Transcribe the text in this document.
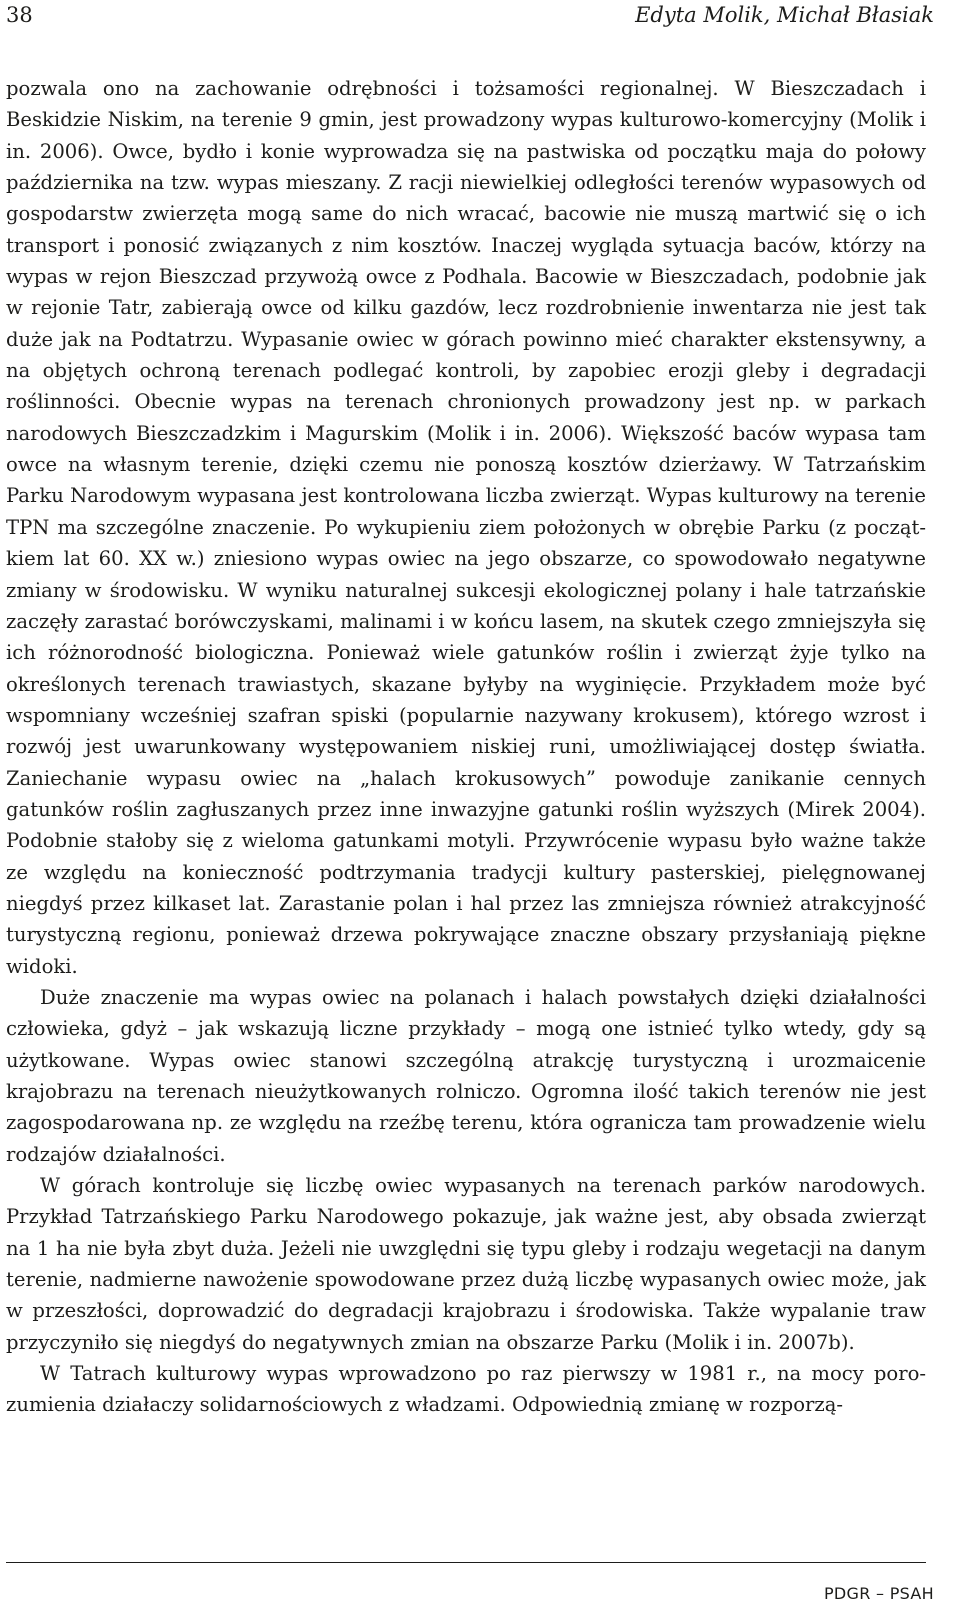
38	Edyta Molik, Michał Błasiak

pozwala ono na zachowanie odrębności i tożsamości regionalnej. W Bieszczadach i Beskidzie Niskim, na terenie 9 gmin, jest prowadzony wypas kulturowo-komercyjny (Molik i in. 2006). Owce, bydło i konie wyprowadza się na pastwiska od początku maja do połowy października na tzw. wypas mieszany. Z racji niewielkiej odległości terenów wypasowych od gospodarstw zwierzęta mogą same do nich wracać, bacowie nie muszą martwić się o ich transport i ponosić związanych z nim kosztów. Inaczej wygląda sytuacja baców, którzy na wypas w rejon Bieszczad przywożą owce z Podhala. Bacowie w Bieszczadach, podobnie jak w rejonie Tatr, zabierają owce od kilku gazdów, lecz rozdrobnienie inwentarza nie jest tak duże jak na Podtatrzu. Wypasanie owiec w górach powinno mieć charakter ekstensywny, a na objętych ochroną terenach podlegać kontroli, by zapobiec erozji gleby i degradacji roślinności. Obecnie wypas na terenach chronionych prowadzony jest np. w parkach narodowych Bieszczadzkim i Magurskim (Molik i in. 2006). Większość baców wypasa tam owce na własnym terenie, dzięki czemu nie ponoszą kosztów dzierżawy. W Tatrzańskim Parku Narodowym wypasana jest kontrolowana liczba zwierząt. Wypas kulturowy na terenie TPN ma szczególne znaczenie. Po wykupieniu ziem położonych w obrębie Parku (z początkiem lat 60. XX w.) zniesiono wypas owiec na jego obszarze, co spowodowało negatywne zmiany w środowisku. W wyniku naturalnej sukcesji ekologicznej polany i hale tatrzańskie zaczęły zarastać borówczyskami, malinami i w końcu lasem, na skutek czego zmniejszyła się ich różnorodność biologiczna. Ponieważ wiele gatunków roślin i zwierząt żyje tylko na określonych terenach trawiastych, skazane byłyby na wyginięcie. Przykładem może być wspomniany wcześniej szafran spiski (popularnie nazywany krokusem), którego wzrost i rozwój jest uwarunkowany występowaniem niskiej runi, umożliwiającej dostęp światła. Zaniechanie wypasu owiec na „halach krokusowych” powoduje zanikanie cennych gatunków roślin zagłuszanych przez inne inwazyjne gatunki roślin wyższych (Mirek 2004). Podobnie stałoby się z wieloma gatunkami motyli. Przywrócenie wypasu było ważne także ze względu na konieczność podtrzymania tradycji kultury pasterskiej, pielęgnowanej niegdyś przez kilkaset lat. Zarastanie polan i hal przez las zmniejsza również atrakcyjność turystyczną regionu, ponieważ drzewa pokrywające znaczne obszary przysłaniają piękne widoki.

Duże znaczenie ma wypas owiec na polanach i halach powstałych dzięki działalności człowieka, gdyż – jak wskazują liczne przykłady – mogą one istnieć tylko wtedy, gdy są użytkowane. Wypas owiec stanowi szczególną atrakcję turystyczną i urozmaicenie krajobrazu na terenach nieużytkowanych rolniczo. Ogromna ilość takich terenów nie jest zagospodarowana np. ze względu na rzeźbę terenu, która ogranicza tam prowadzenie wielu rodzajów działalności.

W górach kontroluje się liczbę owiec wypasanych na terenach parków narodowych. Przykład Tatrzańskiego Parku Narodowego pokazuje, jak ważne jest, aby obsada zwierząt na 1 ha nie była zbyt duża. Jeżeli nie uwzględni się typu gleby i rodzaju wegetacji na danym terenie, nadmierne nawożenie spowodowane przez dużą liczbę wypasanych owiec może, jak w przeszłości, doprowadzić do degradacji krajobrazu i środowiska. Także wypalanie traw przyczyniło się niegdyś do negatywnych zmian na obszarze Parku (Molik i in. 2007b).

W Tatrach kulturowy wypas wprowadzono po raz pierwszy w 1981 r., na mocy porozumienia działaczy solidarnościowych z władzami. Odpowiednią zmianę w rozporzą-

PDGR – PSAH
